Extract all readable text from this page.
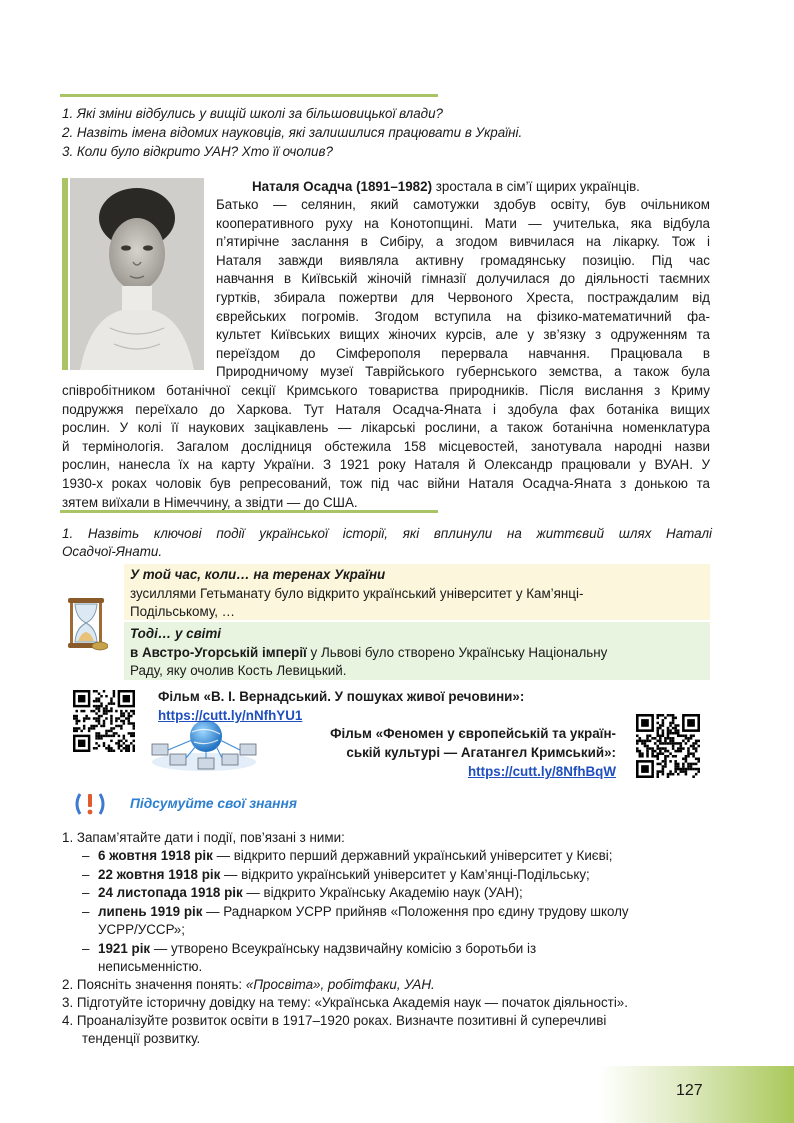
1. Які зміни відбулись у вищій школі за більшовицької влади?
2. Назвіть імена відомих науковців, які залишилися працювати в Україні.
3. Коли було відкрито УАН? Хто її очолив?
Наталя Осадча (1891–1982) зростала в сім’ї щирих українців.
Батько — селянин, який самотужки здобув освіту, був очільником
кооперативного руху на Конотопщині. Мати — учителька, яка відбула
п’ятирічне заслання в Сибіру, а згодом вивчилася на лікарку. Тож і
Наталя завжди виявляла активну громадянську позицію. Під час
навчання в Київській жіночій гімназії долучилася до діяльності таємних
гуртків, збирала пожертви для Червоного Хреста, постраждалим від
єврейських погромів. Згодом вступила на фізико-математичний фа-
культет Київських вищих жіночих курсів, але у зв’язку з одруженням та
переїздом до Сімферополя перервала навчання. Працювала в
Природничому музеї Таврійського губернського земства, а також була
співробітником ботанічної секції Кримського товариства природників. Після вислання з Криму
подружжя переїхало до Харкова. Тут Наталя Осадча-Яната і здобула фах ботаніка вищих
рослин. У колі її наукових зацікавлень — лікарські рослини, а також ботанічна номенклатура
й термінологія. Загалом дослідниця обстежила 158 місцевостей, занотувала народні назви
рослин, нанесла їх на карту України. З 1921 року Наталя й Олександр працювали у ВУАН. У
1930-х роках чоловік був репресований, тож під час війни Наталя Осадча-Яната з донькою та
зятем виїхали в Німеччину, а звідти — до США.
1. Назвіть ключові події української історії, які вплинули на життєвий шлях Наталі
Осадчої-Янати.
У той час, коли… на теренах України
зусиллями Гетьманату було відкрито український університет у Кам’янці-
Подільському, …
Тоді… у світі
в Австро-Угорській імперії у Львові було створено Українську Національну
Раду, яку очолив Кость Левицький.
Фільм «В. І. Вернадський. У пошуках живої речовини»:
https://cutt.ly/nNfhYU1
Фільм «Феномен у європейській та україн-
ській культурі — Агатангел Кримський»:
https://cutt.ly/8NfhBqW
Підсумуйте свої знання
1. Запам’ятайте дати і події, пов’язані з ними:
– 6 жовтня 1918 рік — відкрито перший державний український університет у Києві;
– 22 жовтня 1918 рік — відкрито український університет у Кам’янці-Подільську;
– 24 листопада 1918 рік — відкрито Українську Академію наук (УАН);
– липень 1919 рік — Раднарком УСРР прийняв «Положення про єдину трудову школу
– 1921 рік — утворено Всеукраїнську надзвичайну комісію з боротьби із
УСРР/УССР»;
неписьменністю.
2. Поясніть значення понять: «Просвіта», робітфаки, УАН.
3. Підготуйте історичну довідку на тему: «Українська Академія наук — початок діяльності».
4. Проаналізуйте розвиток освіти в 1917–1920 роках. Визначте позитивні й суперечливі
тенденції розвитку.
127
